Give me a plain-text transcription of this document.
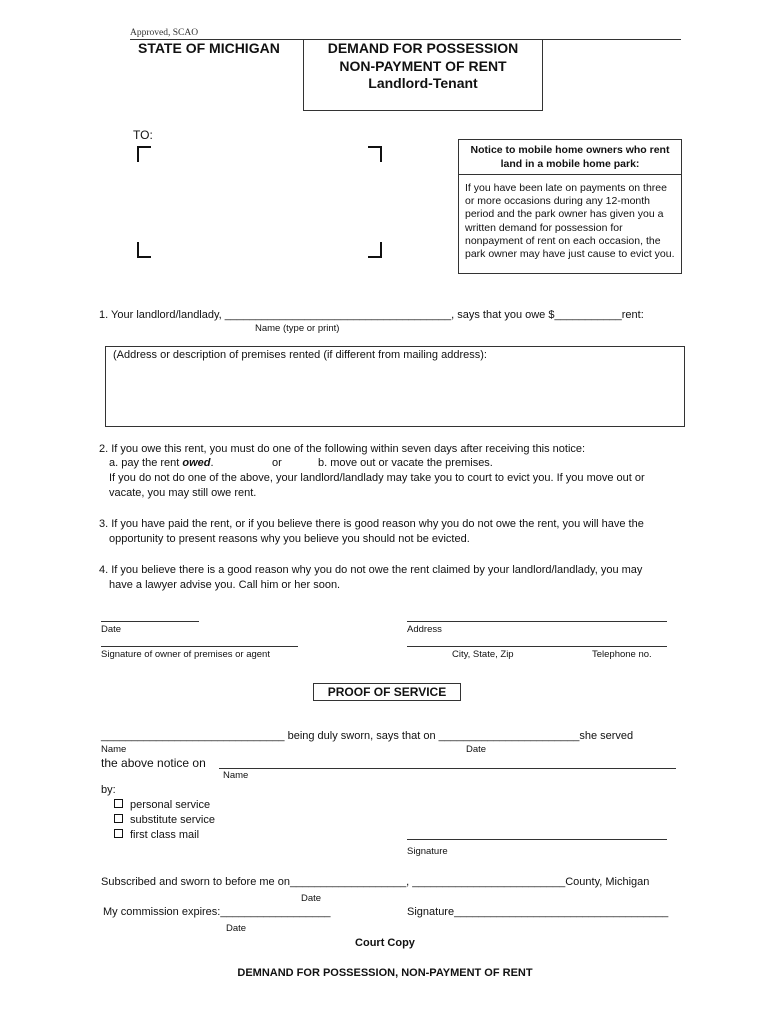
Approved, SCAO
STATE OF MICHIGAN	DEMAND FOR POSSESSION
NON-PAYMENT OF RENT
Landlord-Tenant
TO:
Notice to mobile home owners who rent land in a mobile home park:
If you have been late on payments on three or more occasions during any 12-month period and the park owner has given you a written demand for possession for nonpayment of rent on each occasion, the park owner may have just cause to evict you.
1. Your landlord/landlady, _____________________________________, says that you owe $___________rent:
Name (type or print)
(Address or description of premises rented (if different from mailing address):
2. If you owe this rent, you must do one of the following within seven days after receiving this notice:
a. pay the rent owed.	or	b. move out or vacate the premises.
If you do not do one of the above, your landlord/landlady may take you to court to evict you. If you move out or
vacate, you may still owe rent.
3. If you have paid the rent, or if you believe there is good reason why you do not owe the rent, you will have the
opportunity to present reasons why you believe you should not be evicted.
4. If you believe there is a good reason why you do not owe the rent claimed by your landlord/landlady, you may
have a lawyer advise you. Call him or her soon.
Date	Address
Signature of owner of premises or agent	City, State, Zip	Telephone no.
PROOF OF SERVICE
______________________________ being duly sworn, says that on _______________________she served
Name	Date
the above notice on
Name
by:
personal service
substitute service
first class mail
Signature
Subscribed and sworn to before me on___________________, _________________________County, Michigan
Date
My commission expires:__________________	Signature___________________________________
Date
Court Copy
DEMNAND FOR POSSESSION, NON-PAYMENT OF RENT
